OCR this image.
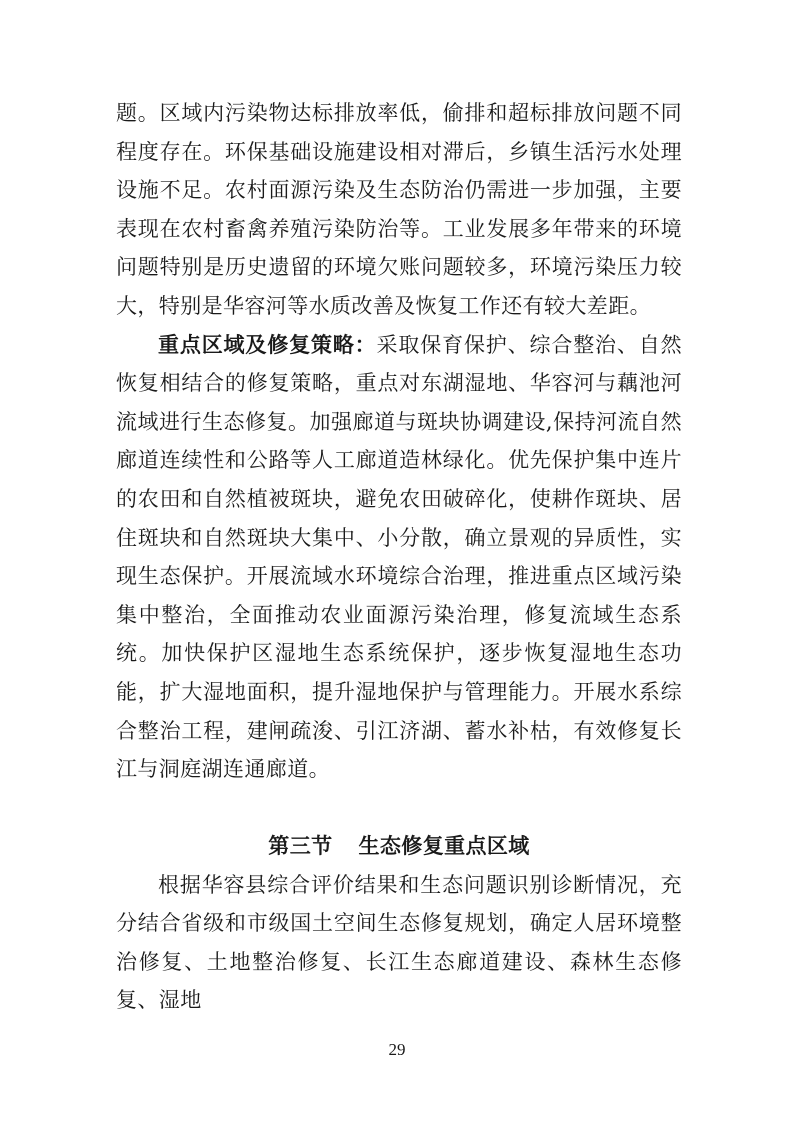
题。区域内污染物达标排放率低，偷排和超标排放问题不同程度存在。环保基础设施建设相对滞后，乡镇生活污水处理设施不足。农村面源污染及生态防治仍需进一步加强，主要表现在农村畜禽养殖污染防治等。工业发展多年带来的环境问题特别是历史遗留的环境欠账问题较多，环境污染压力较大，特别是华容河等水质改善及恢复工作还有较大差距。

重点区域及修复策略：采取保育保护、综合整治、自然恢复相结合的修复策略，重点对东湖湿地、华容河与藕池河流域进行生态修复。加强廊道与斑块协调建设,保持河流自然廊道连续性和公路等人工廊道造林绿化。优先保护集中连片的农田和自然植被斑块，避免农田破碎化，使耕作斑块、居住斑块和自然斑块大集中、小分散，确立景观的异质性，实现生态保护。开展流域水环境综合治理，推进重点区域污染集中整治，全面推动农业面源污染治理，修复流域生态系统。加快保护区湿地生态系统保护，逐步恢复湿地生态功能，扩大湿地面积，提升湿地保护与管理能力。开展水系综合整治工程，建闸疏浚、引江济湖、蓄水补枯，有效修复长江与洞庭湖连通廊道。

第三节 生态修复重点区域

根据华容县综合评价结果和生态问题识别诊断情况，充分结合省级和市级国土空间生态修复规划，确定人居环境整治修复、土地整治修复、长江生态廊道建设、森林生态修复、湿地

29
